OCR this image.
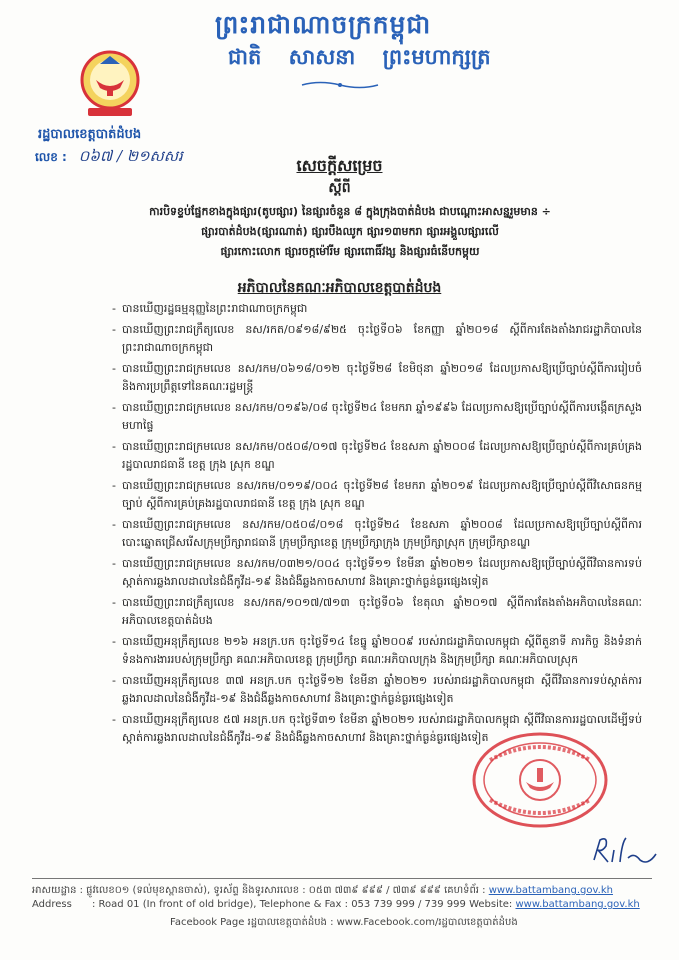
ព្រះរាជាណាចក្រកម្ពុជា
ជាតិ សាសនា ព្រះមហាក្សត្រ
រដ្ឋបាលខេត្តបាត់ដំបង
លេខ : ០៦៧ / ២១សសរ	សេចក្តីសម្រេច
ស្តីពី
ការបិទខ្ទប់ផ្នែកខាងក្នុងផ្សារ(តូបផ្សារ) នៃផ្សារចំនួន ៨ ក្នុងក្រុងបាត់ដំបង ជាបណ្តោះអាសន្នរួមមាន ÷
ផ្សារបាត់ដំបង(ផ្សារណាត់) ផ្សារបឹងឈូក ផ្សារ១៣មករា ផ្សារអង្គួលផ្សារលើ
ផ្សារកោះលោក ផ្សារចក្កម៉ៅរីម ផ្សារពោធិ៍វង្ស និងផ្សារធំនើបកម្ពុយ
អភិបាលនៃគណៈអភិបាលខេត្តបាត់ដំបង
- បានឃើញរដ្ឋធម្មនុញ្ញនៃព្រះរាជាណាចក្រកម្ពុជា
- បានឃើញព្រះរាជក្រឹត្យលេខ នស/រកត/០៩១៨/៩២៥ ចុះថ្ងៃទី០៦ ខែកញ្ញា ឆ្នាំ២០១៨ ស្តីពីការតែងតាំងរាជរដ្ឋាភិបាលនៃព្រះរាជាណាចក្រកម្ពុជា
- បានឃើញព្រះរាជក្រមលេខ នស/រកម/០៦១៨/០១២ ចុះថ្ងៃទី២៨ ខែមិថុនា ឆ្នាំ២០១៨ ដែលប្រកាសឱ្យប្រើច្បាប់ស្តីពីការរៀបចំ និងការប្រព្រឹត្តទៅនៃគណៈរដ្ឋមន្ត្រី
- បានឃើញព្រះរាជក្រមលេខ នស/រកម/០១៩៦/០៨ ចុះថ្ងៃទី២៤ ខែមករា ឆ្នាំ១៩៩៦ ដែលប្រកាសឱ្យប្រើច្បាប់ស្តីពីការបង្កើតក្រសួងមហាផ្ទៃ
- បានឃើញព្រះរាជក្រមលេខ នស/រកម/០៥០៨/០១៧ ចុះថ្ងៃទី២៤ ខែឧសភា ឆ្នាំ២០០៨ ដែលប្រកាសឱ្យប្រើច្បាប់ស្តីពីការគ្រប់គ្រងរដ្ឋបាលរាជធានី ខេត្ត ក្រុង ស្រុក ខណ្ឌ
- បានឃើញព្រះរាជក្រមលេខ នស/រកម/០១១៩/០០៤ ចុះថ្ងៃទី២៨ ខែមករា ឆ្នាំ២០១៩ ដែលប្រកាសឱ្យប្រើច្បាប់ស្តីពីវិសោធនកម្មច្បាប់ ស្តីពីការគ្រប់គ្រងរដ្ឋបាលរាជធានី ខេត្ត ក្រុង ស្រុក ខណ្ឌ
- បានឃើញព្រះរាជក្រមលេខ នស/រកម/០៥០៨/០១៨ ចុះថ្ងៃទី២៤ ខែឧសភា ឆ្នាំ២០០៨ ដែលប្រកាសឱ្យប្រើច្បាប់ស្តីពីការបោះឆ្នោតជ្រើសរើសក្រុមប្រឹក្សារាជធានី ក្រុមប្រឹក្សាខេត្ត ក្រុមប្រឹក្សាក្រុង ក្រុមប្រឹក្សាស្រុក ក្រុមប្រឹក្សាខណ្ឌ
- បានឃើញព្រះរាជក្រមលេខ នស/រកម/០៣២១/០០៤ ចុះថ្ងៃទី១១ ខែមីនា ឆ្នាំ២០២១ ដែលប្រកាសឱ្យប្រើច្បាប់ស្តីពីវិធានការទប់ស្កាត់ការឆ្លងរាលដាលនៃជំងឺកូវីដ-១៩ និងជំងឺឆ្លងកាចសាហាវ និងគ្រោះថ្នាក់ធ្ងន់ធ្ងរផ្សេងទៀត
- បានឃើញព្រះរាជក្រឹត្យលេខ នស/រកត/១០១៧/៧១៣ ចុះថ្ងៃទី០៦ ខែតុលា ឆ្នាំ២០១៧ ស្តីពីការតែងតាំងអភិបាលនៃគណៈអភិបាលខេត្តបាត់ដំបង
- បានឃើញអនុក្រឹត្យលេខ ២១៦ អនក្រ.បក ចុះថ្ងៃទី១៤ ខែធ្នូ ឆ្នាំ២០០៩ របស់រាជរដ្ឋាភិបាលកម្ពុជា ស្តីពីតួនាទី ភារកិច្ច និងទំនាក់ទំនងការងាររបស់ក្រុមប្រឹក្សា គណៈអភិបាលខេត្ត ក្រុមប្រឹក្សា គណៈអភិបាលក្រុង និងក្រុមប្រឹក្សា គណៈអភិបាលស្រុក
- បានឃើញអនុក្រឹត្យលេខ ៣៧ អនក្រ.បក ចុះថ្ងៃទី១២ ខែមីនា ឆ្នាំ២០២១ របស់រាជរដ្ឋាភិបាលកម្ពុជា ស្តីពីវិធានការទប់ស្កាត់ការឆ្លងរាលដាលនៃជំងឺកូវីដ-១៩ និងជំងឺឆ្លងកាចសាហាវ និងគ្រោះថ្នាក់ធ្ងន់ធ្ងរផ្សេងទៀត
- បានឃើញអនុក្រឹត្យលេខ ៥៧ អនក្រ.បក ចុះថ្ងៃទី៣១ ខែមីនា ឆ្នាំ២០២១ របស់រាជរដ្ឋាភិបាលកម្ពុជា ស្តីពីវិធានការរដ្ឋបាលដើម្បីទប់ស្កាត់ការឆ្លងរាលដាលនៃជំងឺកូវីដ-១៩ និងជំងឺឆ្លងកាចសាហាវ និងគ្រោះថ្នាក់ធ្ងន់ធ្ងរផ្សេងទៀត
អាសយដ្ឋាន : ផ្លូវលេខ០១ (ទល់មុខស្ពានចាស់), ទូរស័ព្ទ និងទូរសារលេខ : ០៥៣ ៧៣៩ ៩៩៩ / ៧៣៩ ៩៩៩ គេហទំព័រ : www.battambang.gov.kh
Address : Road 01 (In front of old bridge), Telephone & Fax : 053 739 999 / 739 999 Website: www.battambang.gov.kh
Facebook Page រដ្ឋបាលខេត្តបាត់ដំបង : www.Facebook.com/រដ្ឋបាលខេត្តបាត់ដំបង
